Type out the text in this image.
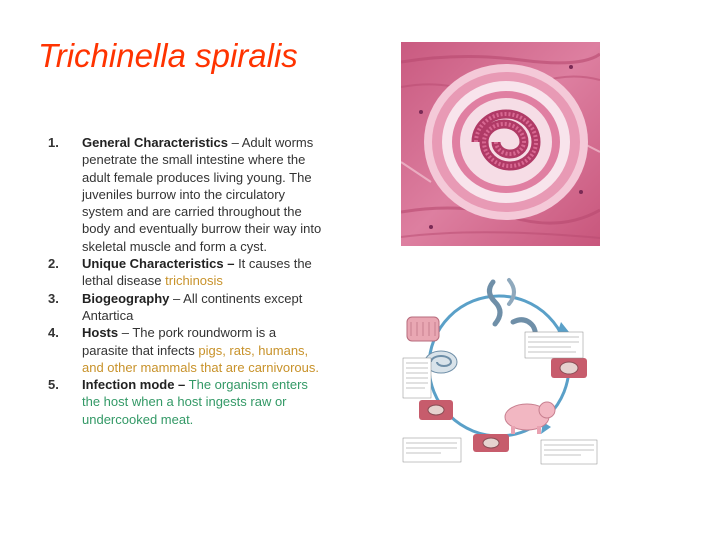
Trichinella spiralis
1.	General Characteristics – Adult worms penetrate the small intestine where the adult female produces living young. The juveniles burrow into the circulatory system and are carried throughout the body and eventually burrow their way into skeletal muscle and form a cyst.
2.	Unique Characteristics – It causes the lethal disease trichinosis
3.	Biogeography – All continents except Antartica
4.	Hosts – The pork roundworm is a parasite that infects pigs, rats, humans, and other mammals that are carnivorous.
5.	Infection mode – The organism enters the host when a host ingests raw or undercooked meat.
